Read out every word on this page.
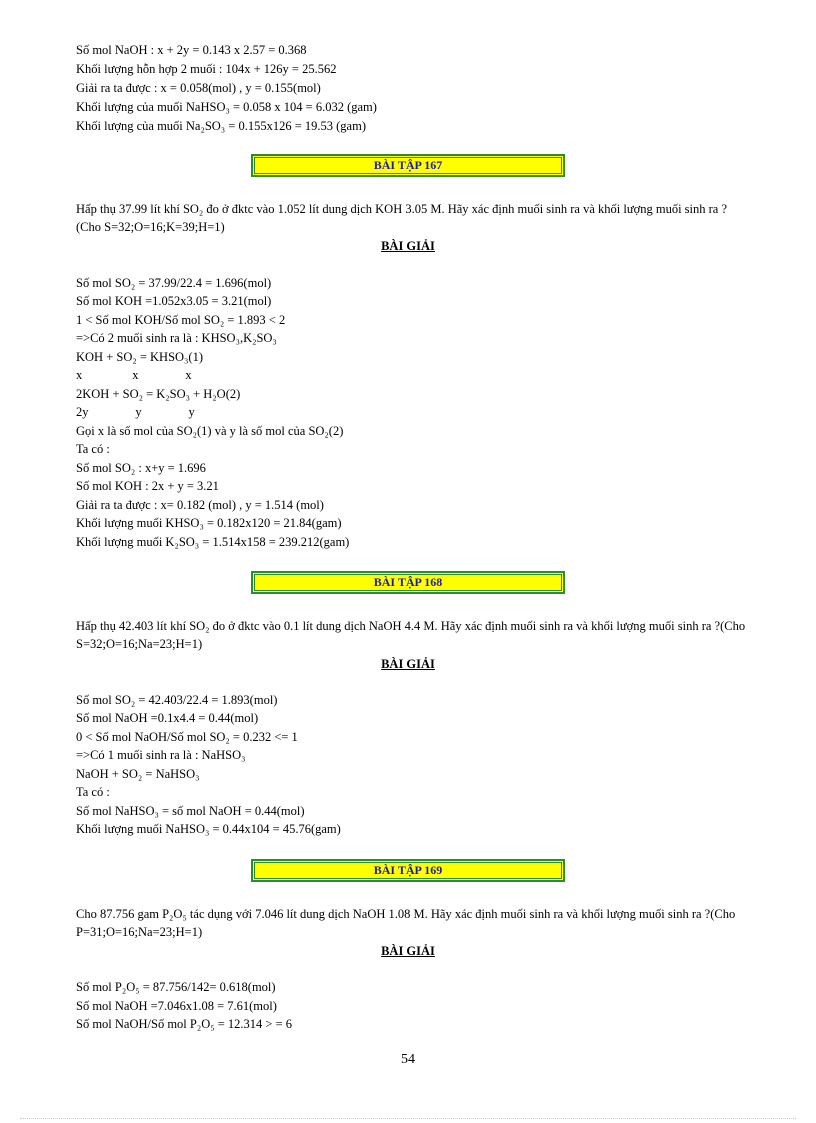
Số mol NaOH : x + 2y = 0.143 x 2.57 = 0.368
Khối lượng hỗn hợp 2 muối : 104x + 126y = 25.562
Giải ra ta được : x = 0.058(mol) , y = 0.155(mol)
Khối lượng của muối NaHSO₃ = 0.058 x 104 = 6.032 (gam)
Khối lượng của muối Na₂SO₃ = 0.155x126 = 19.53 (gam)
BÀI TẬP 167
Hấp thụ 37.99 lít khí SO₂ đo ở đktc vào 1.052 lít dung dịch KOH 3.05 M. Hãy xác định muối sinh ra và khối lượng muối sinh ra ?(Cho S=32;O=16;K=39;H=1)
BÀI GIẢI
Số mol SO₂ = 37.99/22.4 = 1.696(mol)
Số mol KOH =1.052x3.05 = 3.21(mol)
1 < Số mol KOH/Số mol SO₂ = 1.893 < 2
=>Có 2 muối sinh ra là : KHSO₃,K₂SO₃
KOH + SO₂ = KHSO₃(1)
x                x               x
2KOH + SO₂ = K₂SO₃ + H₂O(2)
2y               y               y
Gọi x là số mol của SO₂(1) và y là số mol của SO₂(2)
Ta có :
Số mol SO₂ : x+y = 1.696
Số mol KOH : 2x + y = 3.21
Giải ra ta được : x= 0.182 (mol) , y = 1.514 (mol)
Khối lượng muối KHSO₃ = 0.182x120 = 21.84(gam)
Khối lượng muối K₂SO₃ = 1.514x158 = 239.212(gam)
BÀI TẬP 168
Hấp thụ 42.403 lít khí SO₂ đo ở đktc vào 0.1 lít dung dịch NaOH 4.4 M. Hãy xác định muối sinh ra và khối lượng muối sinh ra ?(Cho S=32;O=16;Na=23;H=1)
BÀI GIẢI
Số mol SO₂ = 42.403/22.4 = 1.893(mol)
Số mol NaOH =0.1x4.4 = 0.44(mol)
0 < Số mol NaOH/Số mol SO₂ = 0.232 <= 1
=>Có 1 muối sinh ra là : NaHSO₃
NaOH + SO₂ = NaHSO₃
Ta có :
Số mol NaHSO₃ = số mol NaOH = 0.44(mol)
Khối lượng muối NaHSO₃ = 0.44x104 = 45.76(gam)
BÀI TẬP 169
Cho 87.756 gam P₂O₅ tác dụng với 7.046 lít dung dịch NaOH 1.08 M. Hãy xác định muối sinh ra và khối lượng muối sinh ra ?(Cho P=31;O=16;Na=23;H=1)
BÀI GIẢI
Số mol P₂O₅ = 87.756/142= 0.618(mol)
Số mol NaOH =7.046x1.08 = 7.61(mol)
Số mol NaOH/Số mol P₂O₅ = 12.314 > = 6
54
